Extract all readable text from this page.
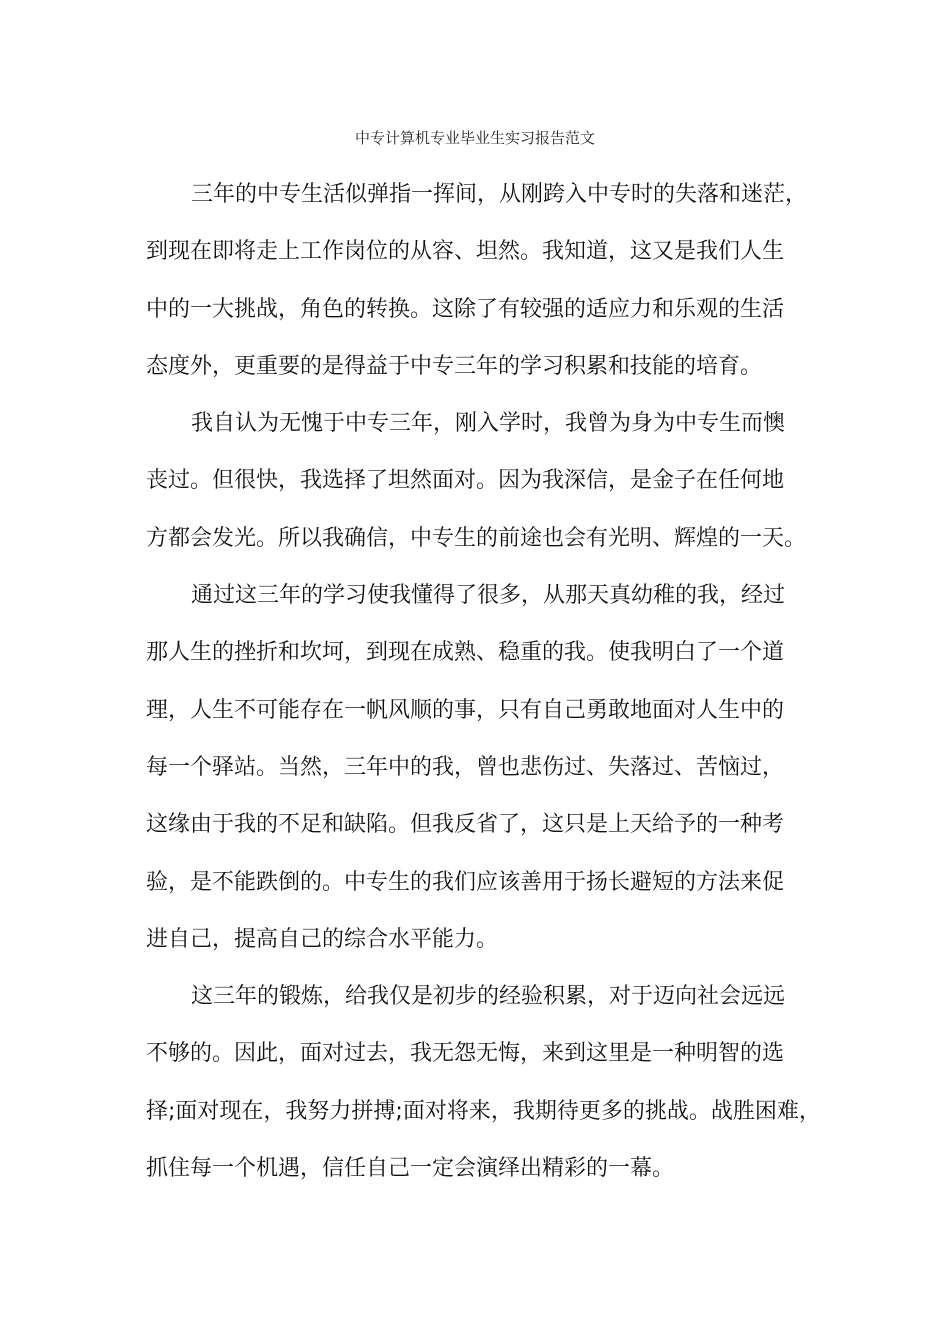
中专计算机专业毕业生实习报告范文
三年的中专生活似弹指一挥间，从刚跨入中专时的失落和迷茫，
到现在即将走上工作岗位的从容、坦然。我知道，这又是我们人生
中的一大挑战，角色的转换。这除了有较强的适应力和乐观的生活
态度外，更重要的是得益于中专三年的学习积累和技能的培育。
我自认为无愧于中专三年，刚入学时，我曾为身为中专生而懊
丧过。但很快，我选择了坦然面对。因为我深信，是金子在任何地
方都会发光。所以我确信，中专生的前途也会有光明、辉煌的一天。
通过这三年的学习使我懂得了很多，从那天真幼稚的我，经过
那人生的挫折和坎坷，到现在成熟、稳重的我。使我明白了一个道
理，人生不可能存在一帆风顺的事，只有自己勇敢地面对人生中的
每一个驿站。当然，三年中的我，曾也悲伤过、失落过、苦恼过，
这缘由于我的不足和缺陷。但我反省了，这只是上天给予的一种考
验，是不能跌倒的。中专生的我们应该善用于扬长避短的方法来促
进自己，提高自己的综合水平能力。
这三年的锻炼，给我仅是初步的经验积累，对于迈向社会远远
不够的。因此，面对过去，我无怨无悔，来到这里是一种明智的选
择;面对现在，我努力拼搏;面对将来，我期待更多的挑战。战胜困难，
抓住每一个机遇，信任自己一定会演绎出精彩的一幕。
